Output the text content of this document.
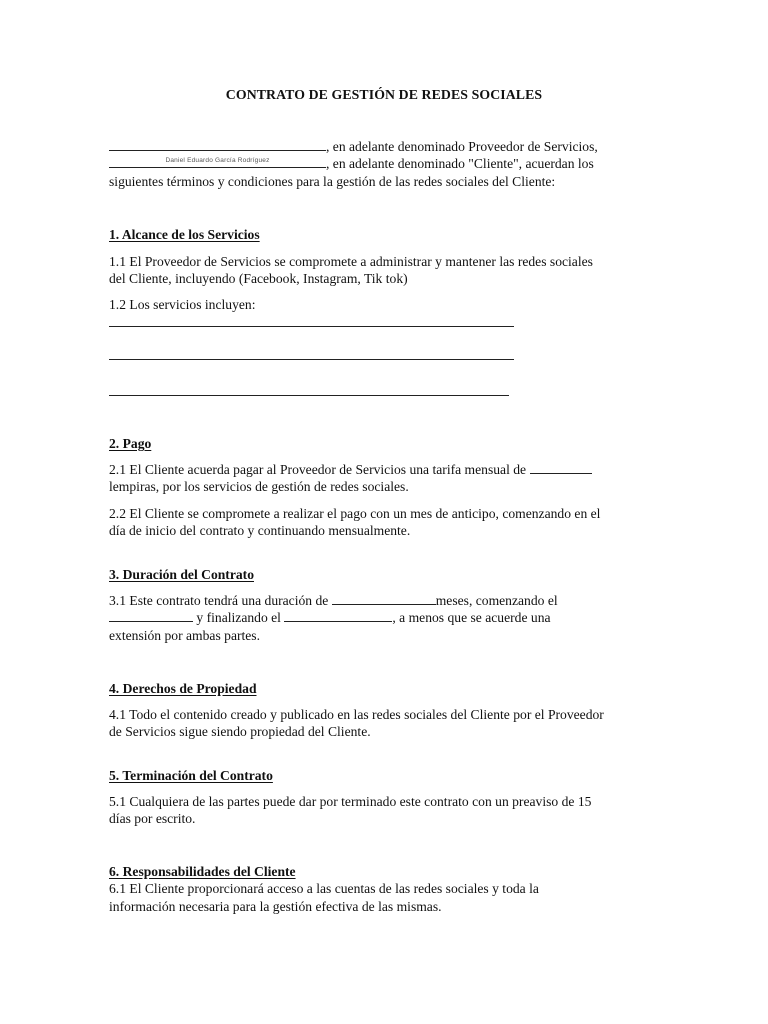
CONTRATO DE GESTIÓN DE REDES SOCIALES
, en adelante denominado Proveedor de Servicios,
Daniel Eduardo García Rodríguez	, en adelante denominado "Cliente", acuerdan los
siguientes términos y condiciones para la gestión de las redes sociales del Cliente:
1. Alcance de los Servicios
1.1 El Proveedor de Servicios se compromete a administrar y mantener las redes sociales
del Cliente, incluyendo (Facebook, Instagram, Tik tok)
1.2 Los servicios incluyen:
2. Pago
2.1 El Cliente acuerda pagar al Proveedor de Servicios una tarifa mensual de
lempiras, por los servicios de gestión de redes sociales.
2.2 El Cliente se compromete a realizar el pago con un mes de anticipo, comenzando en el
día de inicio del contrato y continuando mensualmente.
3. Duración del Contrato
3.1 Este contrato tendrá una duración de	meses, comenzando el
y finalizando el	, a menos que se acuerde una
extensión por ambas partes.
4. Derechos de Propiedad
4.1 Todo el contenido creado y publicado en las redes sociales del Cliente por el Proveedor
de Servicios sigue siendo propiedad del Cliente.
5. Terminación del Contrato
5.1 Cualquiera de las partes puede dar por terminado este contrato con un preaviso de 15
días por escrito.
6. Responsabilidades del Cliente
6.1 El Cliente proporcionará acceso a las cuentas de las redes sociales y toda la
información necesaria para la gestión efectiva de las mismas.
